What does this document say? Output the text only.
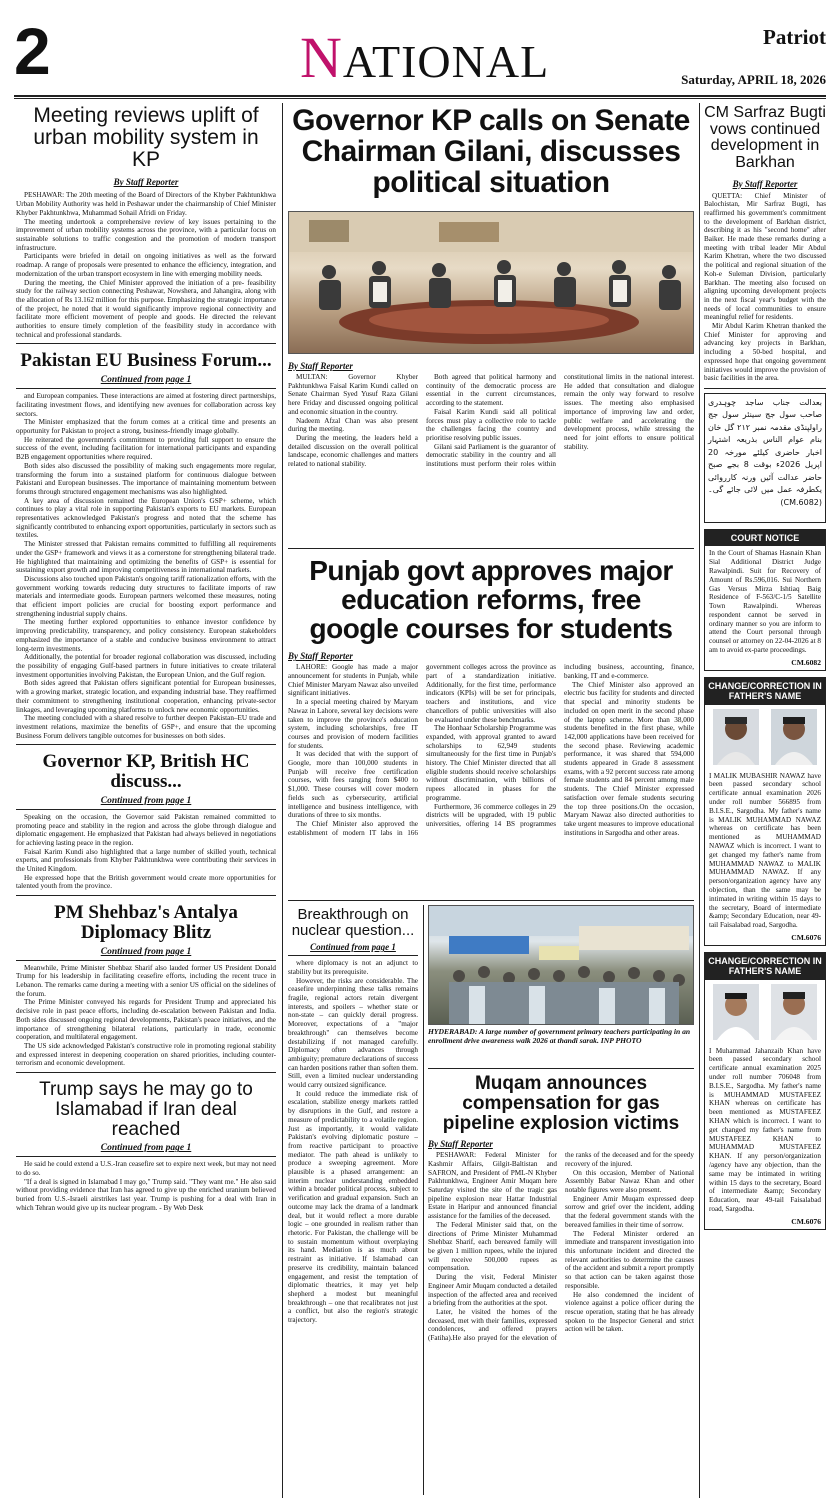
2	NATIONAL	Patriot
Saturday, APRIL 18, 2026
Meeting reviews uplift of urban mobility system in KP
By Staff Reporter

PESHAWAR: The 20th meeting of the Board of Directors of the Khyber Pakhtunkhwa Urban Mobility Authority was held in Peshawar under the chairmanship of Chief Minister Khyber Pakhtunkhwa, Muhammad Sohail Afridi on Friday.

The meeting undertook a comprehensive review of key issues pertaining to the improvement of urban mobility systems across the province, with a particular focus on sustainable solutions to traffic congestion and the promotion of modern transport infrastructure.

Participants were briefed in detail on ongoing initiatives as well as the forward roadmap. A range of proposals were presented to enhance the efficiency, integration, and modernization of the urban transport ecosystem in line with emerging mobility needs.

During the meeting, the Chief Minister approved the initiation of a pre- feasibility study for the railway section connecting Peshawar, Nowshera, and Jahangira, along with the allocation of Rs 13.162 million for this purpose. Emphasizing the strategic importance of the project, he noted that it would significantly improve regional connectivity and facilitate more efficient movement of people and goods. He directed the relevant authorities to ensure timely completion of the feasibility study in accordance with technical and professional standards.

Pakistan EU Business Forum...
Continued from page 1

and European companies. These interactions are aimed at fostering direct partnerships, facilitating investment flows, and identifying new avenues for collaboration across key sectors.

The Minister emphasized that the forum comes at a critical time and presents an opportunity for Pakistan to project a strong, business-friendly image globally.

He reiterated the government's commitment to providing full support to ensure the success of the event, including facilitation for international participants and expanding B2B engagement opportunities where required.

Both sides also discussed the possibility of making such engagements more regular, transforming the forum into a sustained platform for continuous dialogue between Pakistani and European businesses. The importance of maintaining momentum between forums through structured engagement mechanisms was also highlighted.

A key area of discussion remained the European Union's GSP+ scheme, which continues to play a vital role in supporting Pakistan's exports to EU markets. European representatives acknowledged Pakistan's progress and noted that the scheme has significantly contributed to enhancing export opportunities, particularly in sectors such as textiles.

The Minister stressed that Pakistan remains committed to fulfilling all requirements under the GSP+ framework and views it as a cornerstone for strengthening bilateral trade. He highlighted that maintaining and optimizing the benefits of GSP+ is essential for sustaining export growth and improving competitiveness in international markets.

Discussions also touched upon Pakistan's ongoing tariff rationalization efforts, with the government working towards reducing duty structures to facilitate imports of raw materials and intermediate goods. European partners welcomed these measures, noting that efficient import policies are crucial for boosting export performance and strengthening industrial supply chains.

The meeting further explored opportunities to enhance investor confidence by improving predictability, transparency, and policy consistency. European stakeholders emphasized the importance of a stable and conducive business environment to attract long-term investments.

Additionally, the potential for broader regional collaboration was discussed, including the possibility of engaging Gulf-based partners in future initiatives to create trilateral investment opportunities involving Pakistan, the European Union, and the Gulf region.

Both sides agreed that Pakistan offers significant potential for European businesses, with a growing market, strategic location, and expanding industrial base. They reaffirmed their commitment to strengthening institutional cooperation, enhancing private-sector linkages, and leveraging upcoming platforms to unlock new economic opportunities.

The meeting concluded with a shared resolve to further deepen Pakistan–EU trade and investment relations, maximize the benefits of GSP+, and ensure that the upcoming Business Forum delivers tangible outcomes for businesses on both sides.

Governor KP, British HC discuss...
Continued from page 1

Speaking on the occasion, the Governor said Pakistan remained committed to promoting peace and stability in the region and across the globe through dialogue and diplomatic engagement. He emphasized that Pakistan had always believed in negotiations for achieving lasting peace in the region.

Faisal Karim Kundi also highlighted that a large number of skilled youth, technical experts, and professionals from Khyber Pakhtunkhwa were contributing their services in the United Kingdom.

He expressed hope that the British government would create more opportunities for talented youth from the province.

PM Shehbaz's Antalya Diplomacy Blitz
Continued from page 1

Meanwhile, Prime Minister Shehbaz Sharif also lauded former US President Donald Trump for his leadership in facilitating ceasefire efforts, including the recent truce in Lebanon. The remarks came during a meeting with a senior US official on the sidelines of the forum.

The Prime Minister conveyed his regards for President Trump and appreciated his decisive role in past peace efforts, including de-escalation between Pakistan and India. Both sides discussed ongoing regional developments, Pakistan's peace initiatives, and the importance of strengthening bilateral relations, particularly in trade, economic cooperation, and multilateral engagement.

The US side acknowledged Pakistan's constructive role in promoting regional stability and expressed interest in deepening cooperation on shared priorities, including counter-terrorism and economic development.

Trump says he may go to Islamabad if Iran deal reached
Continued from page 1

He said he could extend a U.S.-Iran ceasefire set to expire next week, but may not need to do so.

"If a deal is signed in Islamabad I may go," Trump said. "They want me." He also said without providing evidence that Iran has agreed to give up the enriched uranium believed buried from U.S.-Israeli airstrikes last year. Trump is pushing for a deal with Iran in which Tehran would give up its nuclear program. - By Web Desk

Governor KP calls on Senate Chairman Gilani, discusses political situation
By Staff Reporter

MULTAN: Governor Khyber Pakhtunkhwa Faisal Karim Kundi called on Senate Chairman Syed Yusuf Raza Gilani here Friday and discussed ongoing political and economic situation in the country.

Nadeem Afzal Chan was also present during the meeting.

During the meeting, the leaders held a detailed discussion on the overall political landscape, economic challenges and matters related to national stability.

Both agreed that political harmony and continuity of the democratic process are essential in the current circumstances, according to the statement.

Faisal Karim Kundi said all political forces must play a collective role to tackle the challenges facing the country and prioritise resolving public issues.

Gilani said Parliament is the guarantor of democratic stability in the country and all institutions must perform their roles within constitutional limits in the national interest. He added that consultation and dialogue remain the only way forward to resolve issues. The meeting also emphasised importance of improving law and order, public welfare and accelerating the development process, while stressing the need for joint efforts to ensure political stability.

CM Sarfraz Bugti vows continued development in Barkhan
By Staff Reporter

QUETTA: Chief Minister of Balochistan, Mir Sarfraz Bugti, has reaffirmed his government's commitment to the development of Barkhan district, describing it as his "second home" after Baiker. He made these remarks during a meeting with tribal leader Mir Abdul Karim Khetran, where the two discussed the political and regional situation of the Koh-e Suleman Division, particularly Barkhan. The meeting also focused on aligning upcoming development projects in the next fiscal year's budget with the needs of local communities to ensure meaningful relief for residents.

Mir Abdul Karim Khetran thanked the Chief Minister for approving and advancing key projects in Barkhan, including a 50-bed hospital, and expressed hope that ongoing government initiatives would improve the provision of basic facilities in the area.

بعدالت جناب ساجد چوہدری صاحب سول جج سینئر سول جج راولپنڈی مقدمہ نمبر ۲۱۲ گل خان بنام عوام الناس بذریعہ اشتہار اخبار حاضری کیلئے مورخہ 20 اپریل 2026ء بوقت 8 بجے صبح حاضر عدالت آئیں ورنہ کارروائی یکطرفہ عمل میں لائی جائے گی۔ (CM.6082)
COURT NOTICE
In the Court of Shamas Hasnain Khan Sial Additional District Judge Rawalpindi. Suit for Recovery of Amount of Rs.596,016. Sui Northern Gas Versus Mirza Ishtiaq Baig Residence of F-563/C-1/5 Satellite Town Rawalpindi. Whereas respondent cannot be served in ordinary manner so you are inform to attend the Court personal through counsel or attorney on 22-04-2026 at 8 am to avoid ex-parte proceedings.
CM.6082
CHANGE/CORRECTION IN FATHER'S NAME
I MALIK MUBASHIR NAWAZ have been passed secondary school certificate annual examination 2026 under roll number 566895 from B.I.S.E., Sargodha. My father's name is MALIK MUHAMMAD NAWAZ whereas on certificate has been mentioned as MUHAMMAD NAWAZ which is incorrect. I want to get changed my father's name from MUHAMMAD NAWAZ to MALIK MUHAMMAD NAWAZ. If any person/organization agency have any objection, than the same may be intimated in writing within 15 days to the secretary, Board of intermediate &amp; Secondary Education, near 49-tail Faisalabad road, Sargodha.
CM.6076
CHANGE/CORRECTION IN FATHER'S NAME
I Muhammad Jahanzaib Khan have been passed secondary school certificate annual examination 2025 under roll number 706048 from B.I.S.E., Sargodha. My father's name is MUHAMMAD MUSTAFEEZ KHAN whereas on certificate has been mentioned as MUSTAFEEZ KHAN which is incorrect. I want to get changed my father's name from MUSTAFEEZ KHAN to MUHAMMAD MUSTAFEEZ KHAN. If any person/organization /agency have any objection, than the same may be intimated in writing within 15 days to the secretary, Board of intermediate &amp; Secondary Education, near 49-tail Faisalabad road, Sargodha.
CM.6076
Punjab govt approves major education reforms, free google courses for students
By Staff Reporter

LAHORE: Google has made a major announcement for students in Punjab, while Chief Minister Maryam Nawaz also unveiled significant initiatives.

In a special meeting chaired by Maryam Nawaz in Lahore, several key decisions were taken to improve the province's education system, including scholarships, free IT courses and provision of modern facilities for students.

It was decided that with the support of Google, more than 100,000 students in Punjab will receive free certification courses, with fees ranging from $400 to $1,000. These courses will cover modern fields such as cybersecurity, artificial intelligence and business intelligence, with durations of three to six months.

The Chief Minister also approved the establishment of modern IT labs in 166 government colleges across the province as part of a standardization initiative. Additionally, for the first time, performance indicators (KPIs) will be set for principals, teachers and institutions, and vice chancellors of public universities will also be evaluated under these benchmarks.

The Honhaar Scholarship Programme was expanded, with approval granted to award scholarships to 62,949 students simultaneously for the first time in Punjab's history. The Chief Minister directed that all eligible students should receive scholarships without discrimination, with billions of rupees allocated in phases for the programme.

Furthermore, 36 commerce colleges in 29 districts will be upgraded, with 19 public universities, offering 14 BS programmes including business, accounting, finance, banking, IT and e-commerce.

The Chief Minister also approved an electric bus facility for students and directed that special and minority students be included on open merit in the second phase of the laptop scheme. More than 38,000 students benefited in the first phase, while 142,000 applications have been received for the second phase. Reviewing academic performance, it was shared that 594,000 students appeared in Grade 8 assessment exams, with a 92 percent success rate among female students and 84 percent among male students. The Chief Minister expressed satisfaction over female students securing the top three positions.On the occasion, Maryam Nawaz also directed authorities to take urgent measures to improve educational institutions in Sargodha and other areas.

Breakthrough on nuclear question...
Continued from page 1

where diplomacy is not an adjunct to stability but its prerequisite.

However, the risks are considerable. The ceasefire underpinning these talks remains fragile, regional actors retain divergent interests, and spoilers – whether state or non-state – can quickly derail progress. Moreover, expectations of a "major breakthrough" can themselves become destabilizing if not managed carefully. Diplomacy often advances through ambiguity; premature declarations of success can harden positions rather than soften them. Still, even a limited nuclear understanding would carry outsized significance.

It could reduce the immediate risk of escalation, stabilize energy markets rattled by disruptions in the Gulf, and restore a measure of predictability to a volatile region. Just as importantly, it would validate Pakistan's evolving diplomatic posture – from reactive participant to proactive mediator. The path ahead is unlikely to produce a sweeping agreement. More plausible is a phased arrangement: an interim nuclear understanding embedded within a broader political process, subject to verification and gradual expansion. Such an outcome may lack the drama of a landmark deal, but it would reflect a more durable logic – one grounded in realism rather than rhetoric. For Pakistan, the challenge will be to sustain momentum without overplaying its hand. Mediation is as much about restraint as initiative. If Islamabad can preserve its credibility, maintain balanced engagement, and resist the temptation of diplomatic theatrics, it may yet help shepherd a modest but meaningful breakthrough – one that recalibrates not just a conflict, but also the region's strategic trajectory.

HYDERABAD: A large number of government primary teachers participating in an enrollment drive awareness walk 2026 at thandi sarak. INP PHOTO
Muqam announces compensation for gas pipeline explosion victims
By Staff Reporter

PESHAWAR: Federal Minister for Kashmir Affairs, Gilgit-Baltistan and SAFRON, and President of PML-N Khyber Pakhtunkhwa, Engineer Amir Muqam here Saturday visited the site of the tragic gas pipeline explosion near Hattar Industrial Estate in Haripur and announced financial assistance for the families of the deceased.

The Federal Minister said that, on the directions of Prime Minister Muhammad Shehbaz Sharif, each bereaved family will be given 1 million rupees, while the injured will receive 500,000 rupees as compensation.

During the visit, Federal Minister Engineer Amir Muqam conducted a detailed inspection of the affected area and received a briefing from the authorities at the spot.

Later, he visited the homes of the deceased, met with their families, expressed condolences, and offered prayers (Fatiha).He also prayed for the elevation of the ranks of the deceased and for the speedy recovery of the injured.

On this occasion, Member of National Assembly Babar Nawaz Khan and other notable figures were also present.

Engineer Amir Muqam expressed deep sorrow and grief over the incident, adding that the federal government stands with the bereaved families in their time of sorrow.

The Federal Minister ordered an immediate and transparent investigation into this unfortunate incident and directed the relevant authorities to determine the causes of the accident and submit a report promptly so that action can be taken against those responsible.

He also condemned the incident of violence against a police officer during the rescue operation, stating that he has already spoken to the Inspector General and strict action will be taken.
